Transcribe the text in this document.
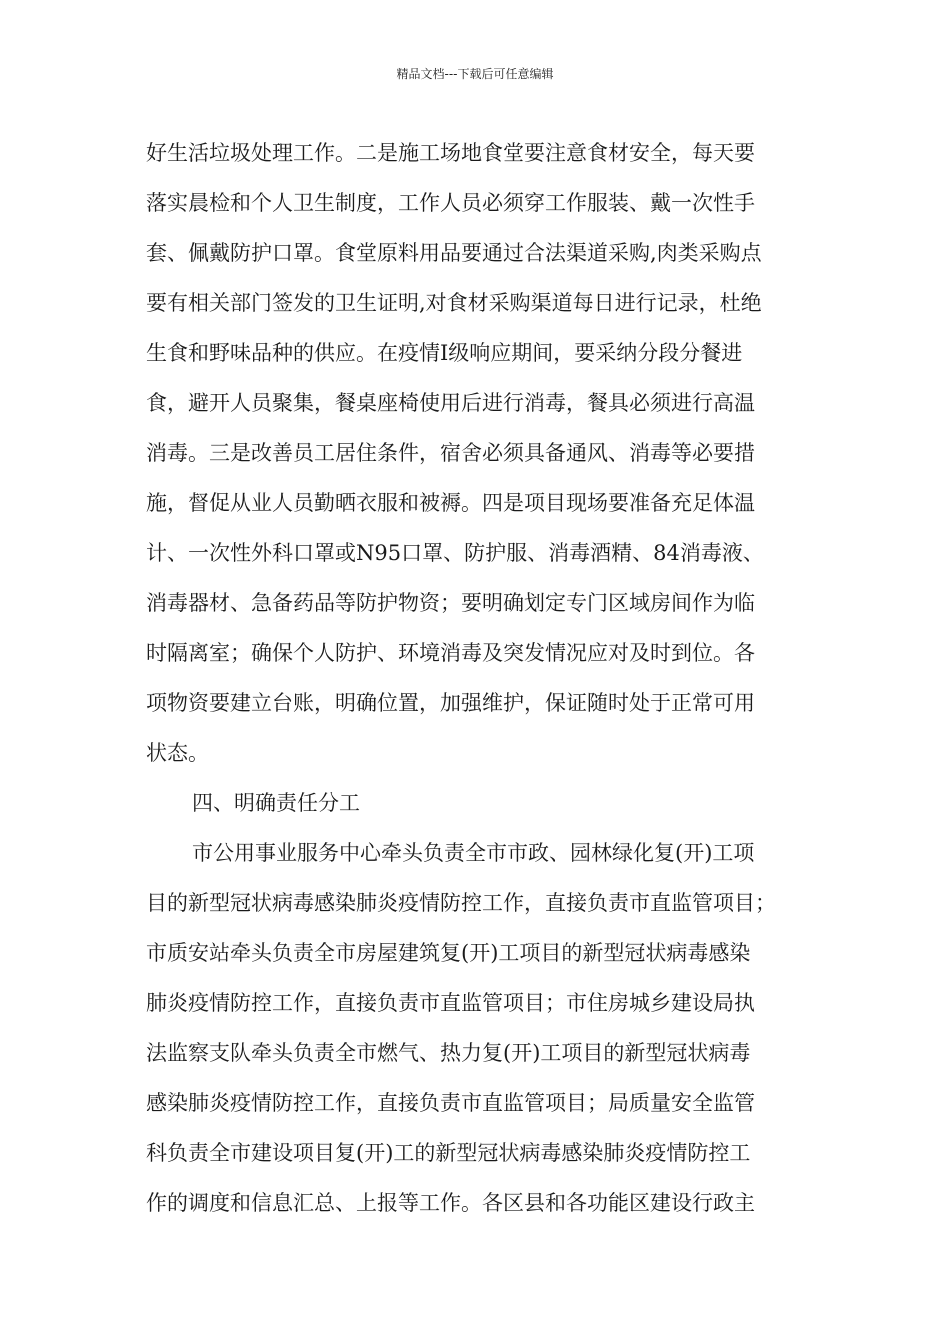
精品文档---下载后可任意编辑
好生活垃圾处理工作。二是施工场地食堂要注意食材安全，每天要
落实晨检和个人卫生制度，工作人员必须穿工作服装、戴一次性手
套、佩戴防护口罩。食堂原料用品要通过合法渠道采购,肉类采购点
要有相关部门签发的卫生证明,对食材采购渠道每日进行记录，杜绝
生食和野味品种的供应。在疫情Ⅰ级响应期间，要采纳分段分餐进
食，避开人员聚集，餐桌座椅使用后进行消毒，餐具必须进行高温
消毒。三是改善员工居住条件，宿舍必须具备通风、消毒等必要措
施，督促从业人员勤晒衣服和被褥。四是项目现场要准备充足体温
计、一次性外科口罩或N95口罩、防护服、消毒酒精、84消毒液、
消毒器材、急备药品等防护物资；要明确划定专门区域房间作为临
时隔离室；确保个人防护、环境消毒及突发情况应对及时到位。各
项物资要建立台账，明确位置，加强维护，保证随时处于正常可用
状态。
四、明确责任分工
市公用事业服务中心牵头负责全市市政、园林绿化复(开)工项
目的新型冠状病毒感染肺炎疫情防控工作，直接负责市直监管项目；
市质安站牵头负责全市房屋建筑复(开)工项目的新型冠状病毒感染
肺炎疫情防控工作，直接负责市直监管项目；市住房城乡建设局执
法监察支队牵头负责全市燃气、热力复(开)工项目的新型冠状病毒
感染肺炎疫情防控工作，直接负责市直监管项目；局质量安全监管
科负责全市建设项目复(开)工的新型冠状病毒感染肺炎疫情防控工
作的调度和信息汇总、上报等工作。各区县和各功能区建设行政主
